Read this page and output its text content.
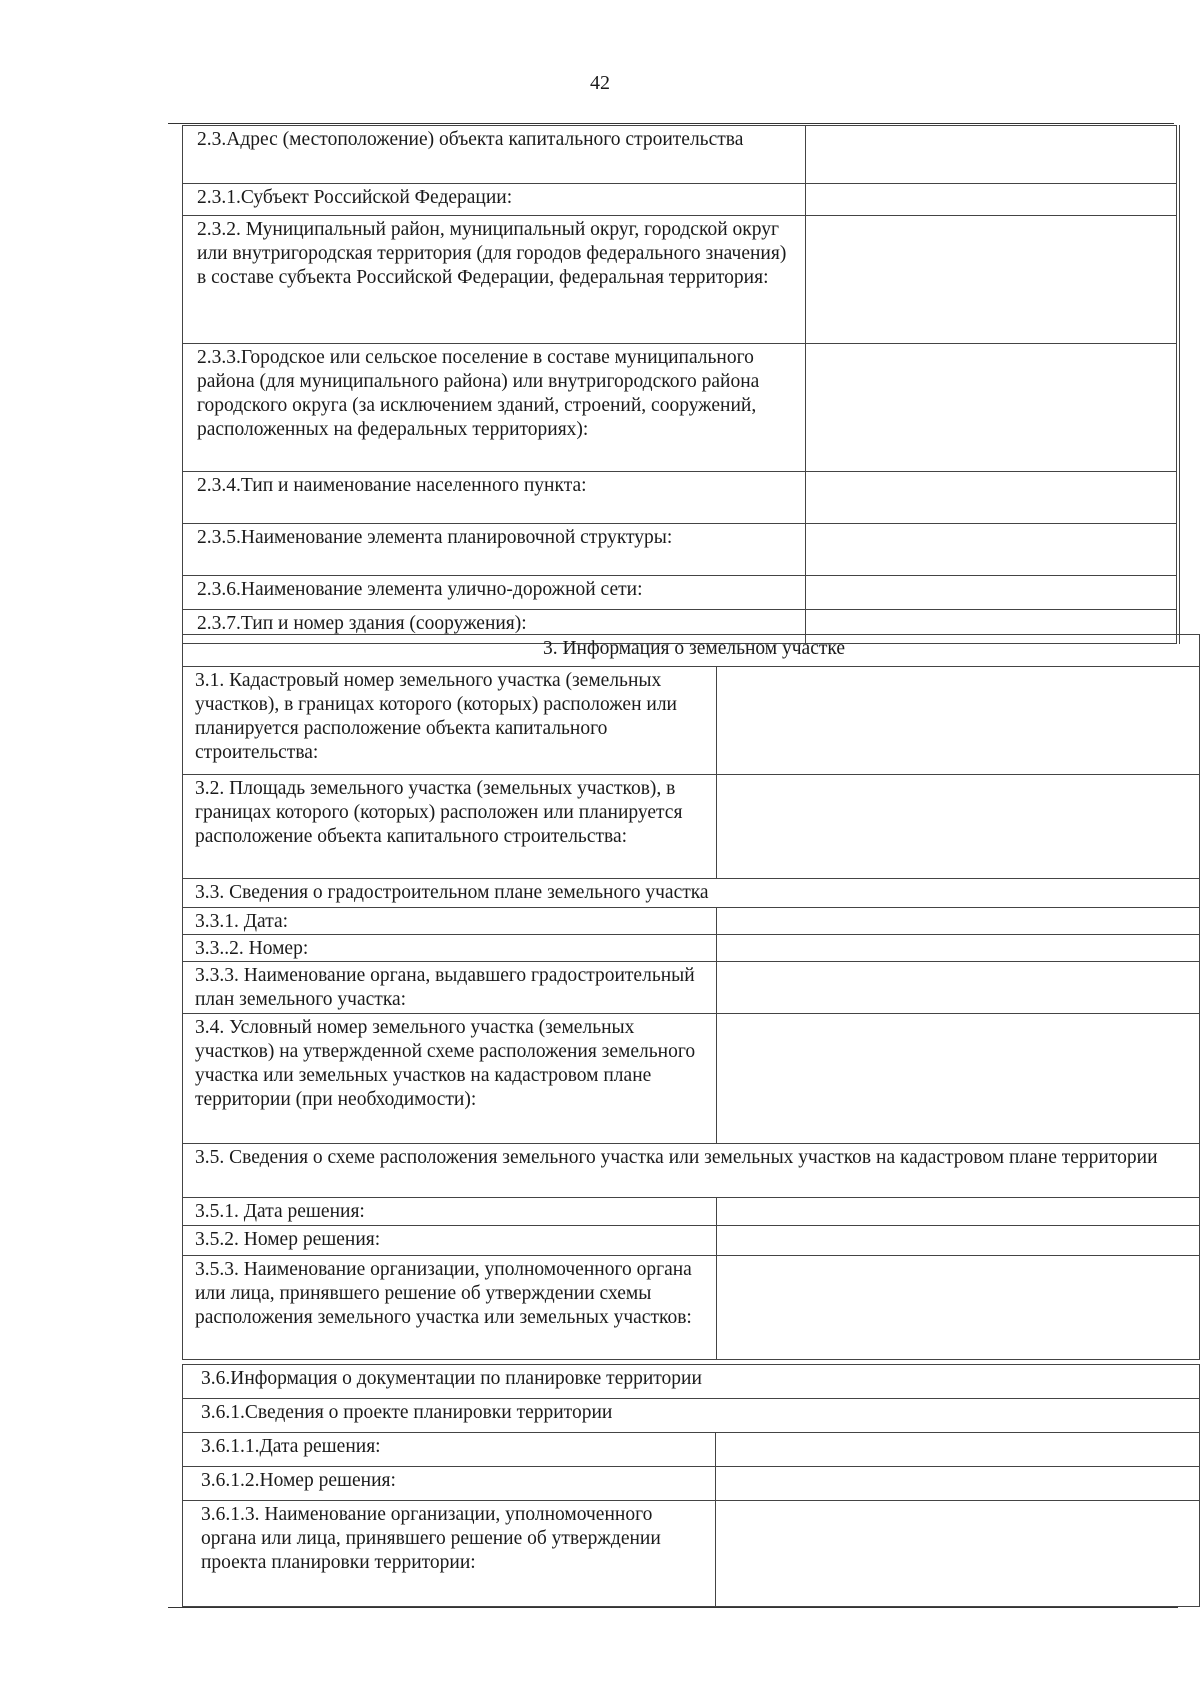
42
2.3.Адрес (местоположение) объекта капитального строительства	
2.3.1.Субъект Российской Федерации:	
2.3.2. Муниципальный район, муниципальный округ, городской округ или внутригородская территория (для городов федерального значения)
в составе субъекта Российской Федерации, федеральная территория:	
2.3.3.Городское или сельское поселение в составе муниципального района (для муниципального района) или внутригородского района городского округа (за исключением зданий, строений, сооружений, расположенных на федеральных территориях):	
2.3.4.Тип и наименование населенного пункта:	
2.3.5.Наименование элемента планировочной структуры:	
2.3.6.Наименование элемента улично-дорожной сети:	
2.3.7.Тип и номер здания (сооружения):	
3. Информация о земельном участке	
3.1. Кадастровый номер земельного участка (земельных участков), в границах которого (которых) расположен или планируется расположение объекта капитального строительства:	
3.2. Площадь земельного участка (земельных участков), в границах которого (которых) расположен или планируется расположение объекта капитального строительства:	
3.3. Сведения о градостроительном плане земельного участка	
3.3.1. Дата:	
3.3..2. Номер:	
3.3.3. Наименование органа, выдавшего градостроительный план земельного участка:	
3.4. Условный номер земельного участка (земельных участков) на утвержденной схеме расположения земельного участка или земельных участков на кадастровом плане территории (при необходимости):	
3.5. Сведения о схеме расположения земельного участка или земельных участков на кадастровом плане территории	
3.5.1. Дата решения:	
3.5.2. Номер решения:	
3.5.3. Наименование организации, уполномоченного органа или лица, принявшего решение об утверждении схемы расположения земельного участка или земельных участков:	
3.6.Информация о документации по планировке территории	
3.6.1.Сведения о проекте планировки территории	
3.6.1.1.Дата решения:	
3.6.1.2.Номер решения:	
3.6.1.3. Наименование организации, уполномоченного органа или лица, принявшего решение об утверждении проекта планировки территории:	
